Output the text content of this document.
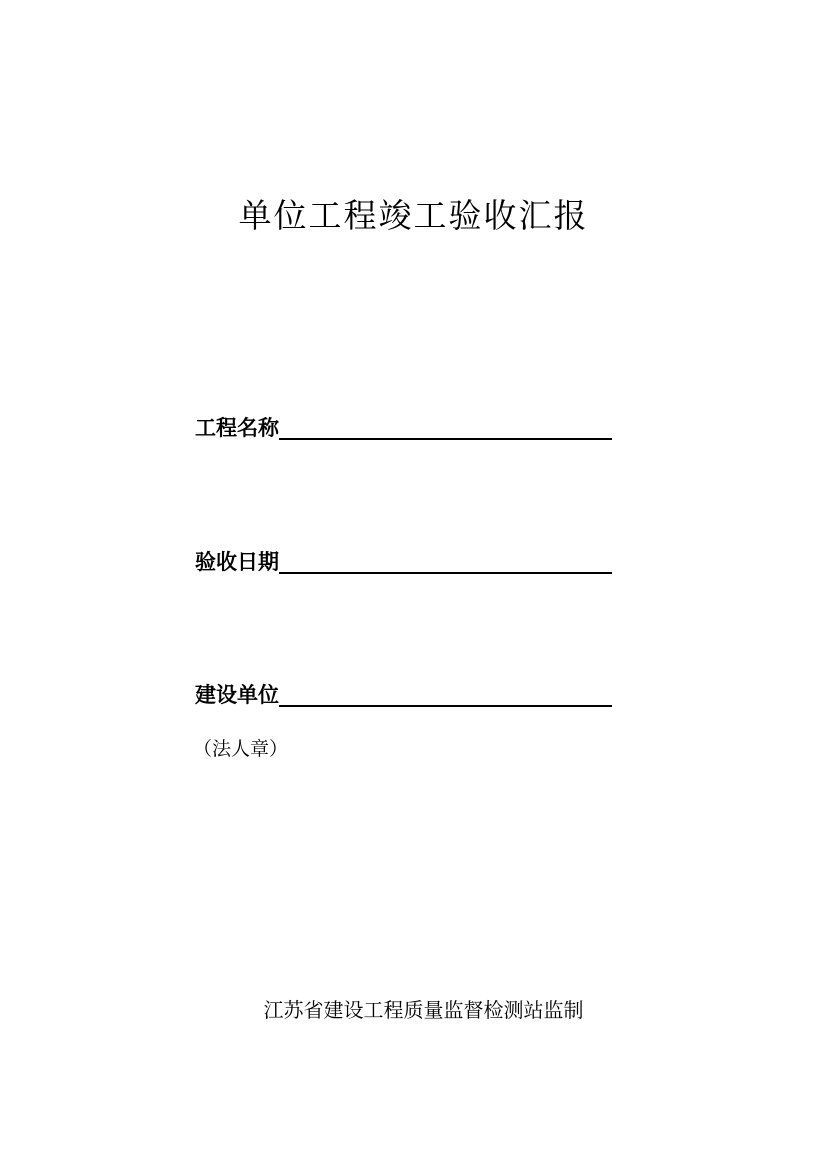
单位工程竣工验收汇报
工程名称
验收日期
建设单位
（法人章）
江苏省建设工程质量监督检测站监制
